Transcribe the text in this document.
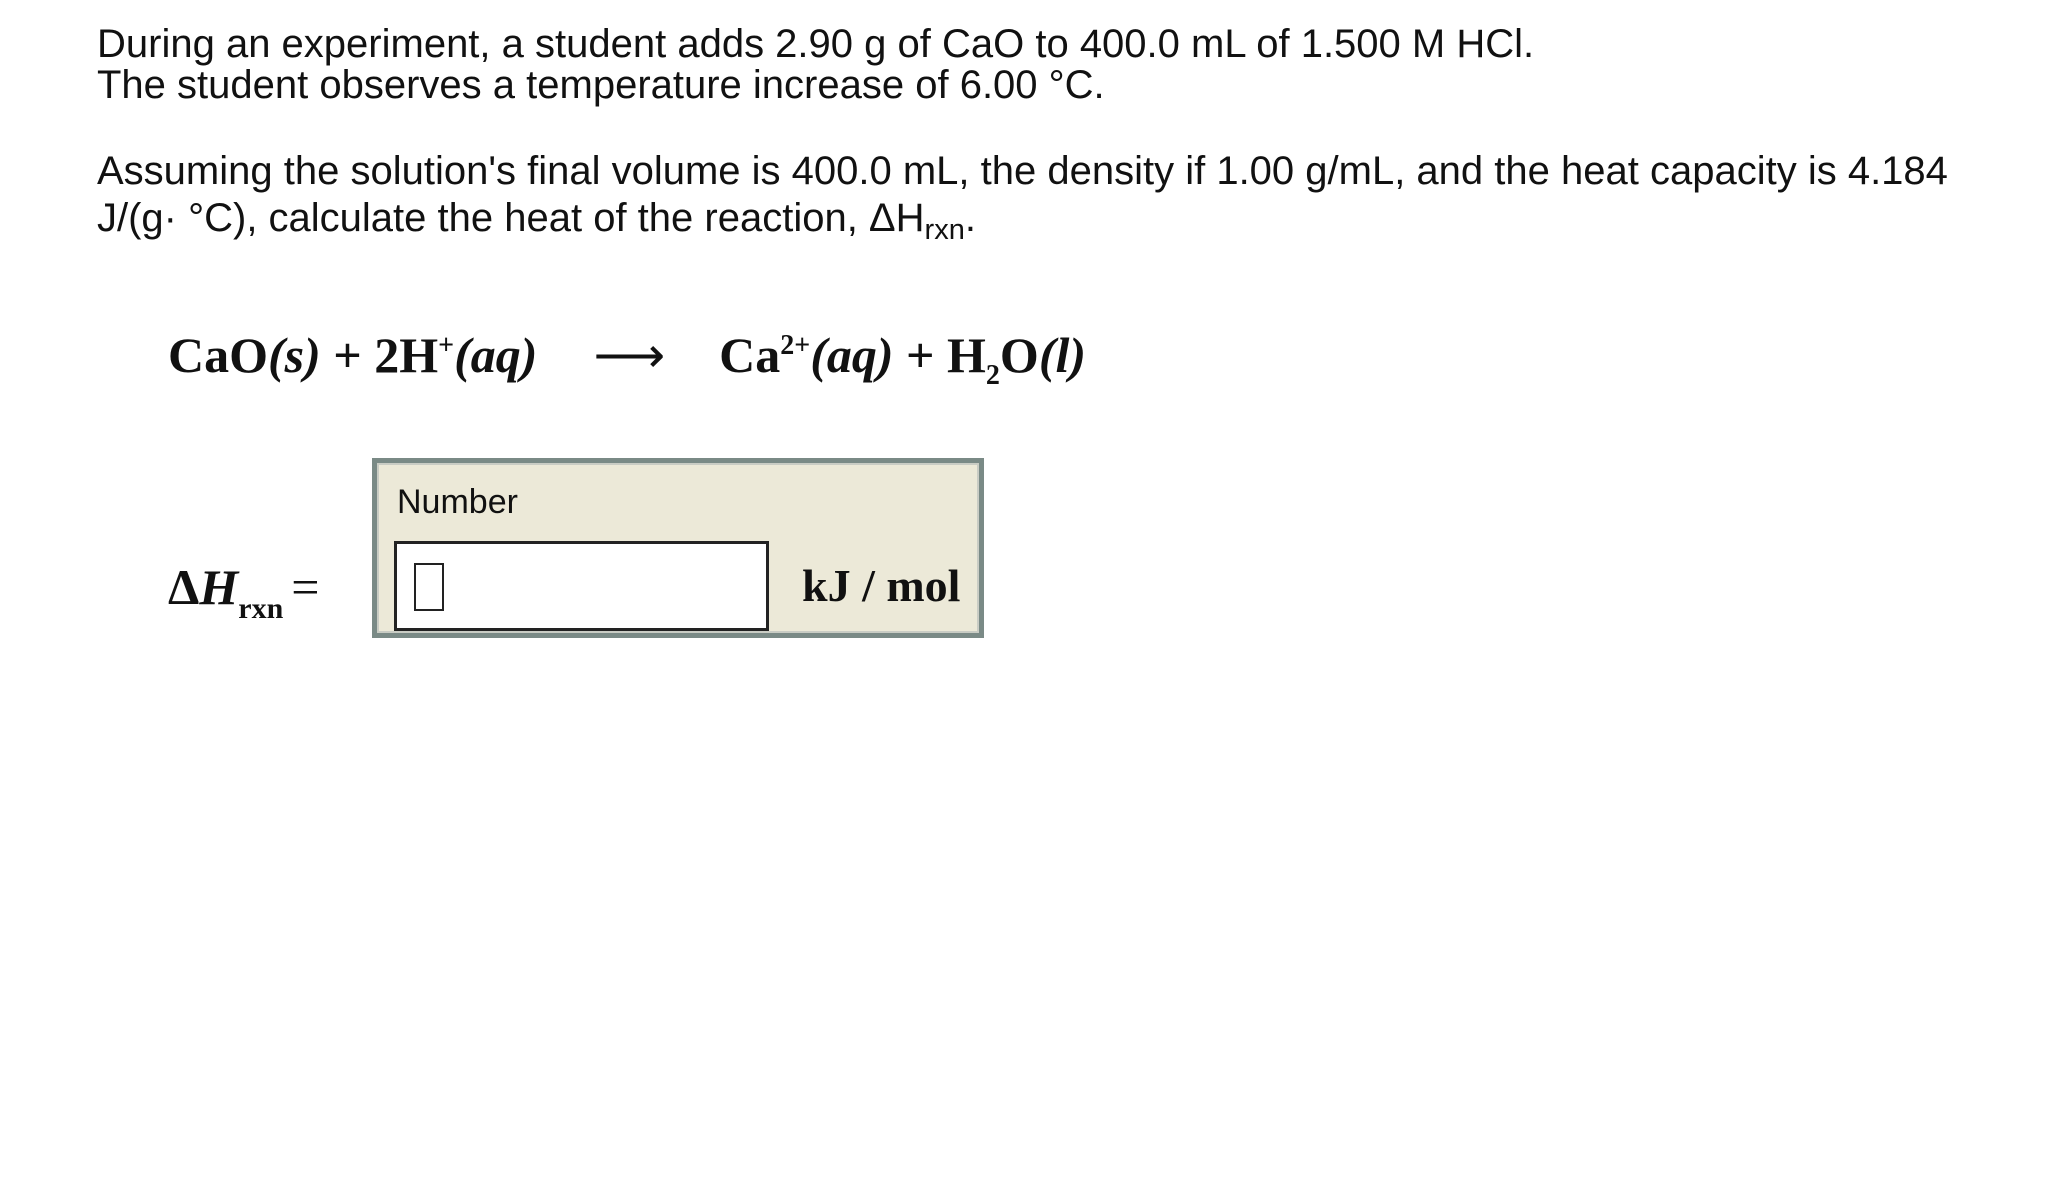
During an experiment, a student adds 2.90 g of CaO to 400.0 mL of 1.500 M HCl.

The student observes a temperature increase of 6.00 °C.

Assuming the solution's final volume is 400.0 mL, the density if 1.00 g/mL, and the heat capacity is 4.184 J/(g· °C), calculate the heat of the reaction, $\Delta H_{rxn}$.

CaO(s) + 2H+(aq) ⟶ $Ca^{2+}(aq) + H_2O(l)$
$\Delta H_{rxn}$ =
Number
kJ / mol
